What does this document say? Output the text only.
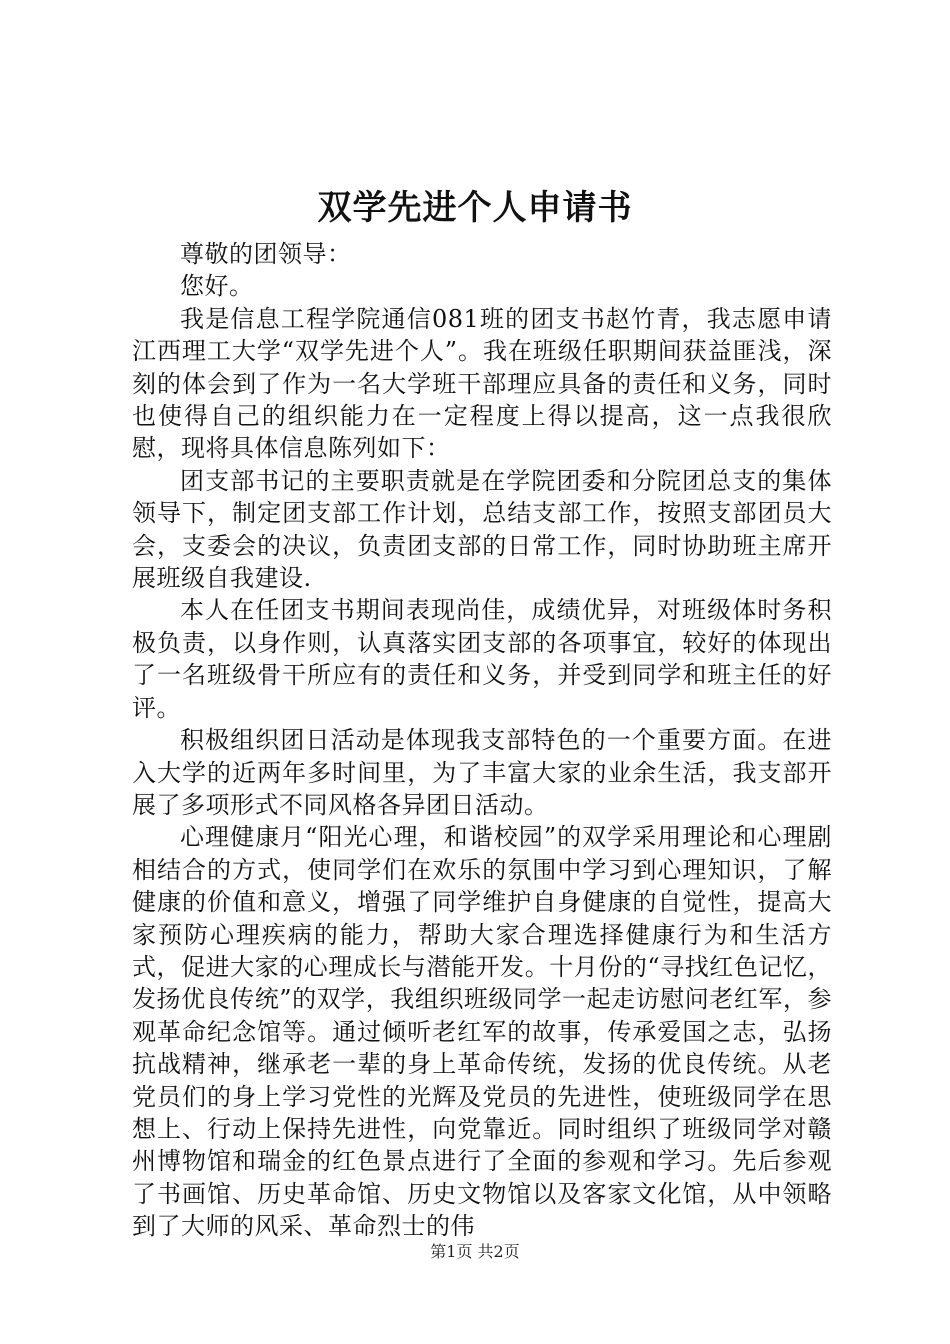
双学先进个人申请书

尊敬的团领导：

您好。

我是信息工程学院通信081班的团支书赵竹青，我志愿申请江西理工大学“双学先进个人”。我在班级任职期间获益匪浅，深刻的体会到了作为一名大学班干部理应具备的责任和义务，同时也使得自己的组织能力在一定程度上得以提高，这一点我很欣慰，现将具体信息陈列如下：

团支部书记的主要职责就是在学院团委和分院团总支的集体领导下，制定团支部工作计划，总结支部工作，按照支部团员大会，支委会的决议，负责团支部的日常工作，同时协助班主席开展班级自我建设.

本人在任团支书期间表现尚佳，成绩优异，对班级体时务积极负责，以身作则，认真落实团支部的各项事宜，较好的体现出了一名班级骨干所应有的责任和义务，并受到同学和班主任的好评。

积极组织团日活动是体现我支部特色的一个重要方面。在进入大学的近两年多时间里，为了丰富大家的业余生活，我支部开展了多项形式不同风格各异团日活动。

心理健康月“阳光心理，和谐校园”的双学采用理论和心理剧相结合的方式，使同学们在欢乐的氛围中学习到心理知识，了解健康的价值和意义，增强了同学维护自身健康的自觉性，提高大家预防心理疾病的能力，帮助大家合理选择健康行为和生活方式，促进大家的心理成长与潜能开发。十月份的“寻找红色记忆，发扬优良传统”的双学，我组织班级同学一起走访慰问老红军，参观革命纪念馆等。通过倾听老红军的故事，传承爱国之志，弘扬抗战精神，继承老一辈的身上革命传统，发扬的优良传统。从老党员们的身上学习党性的光辉及党员的先进性，使班级同学在思想上、行动上保持先进性，向党靠近。同时组织了班级同学对赣州博物馆和瑞金的红色景点进行了全面的参观和学习。先后参观了书画馆、历史革命馆、历史文物馆以及客家文化馆，从中领略到了大师的风采、革命烈士的伟

第1页 共2页
